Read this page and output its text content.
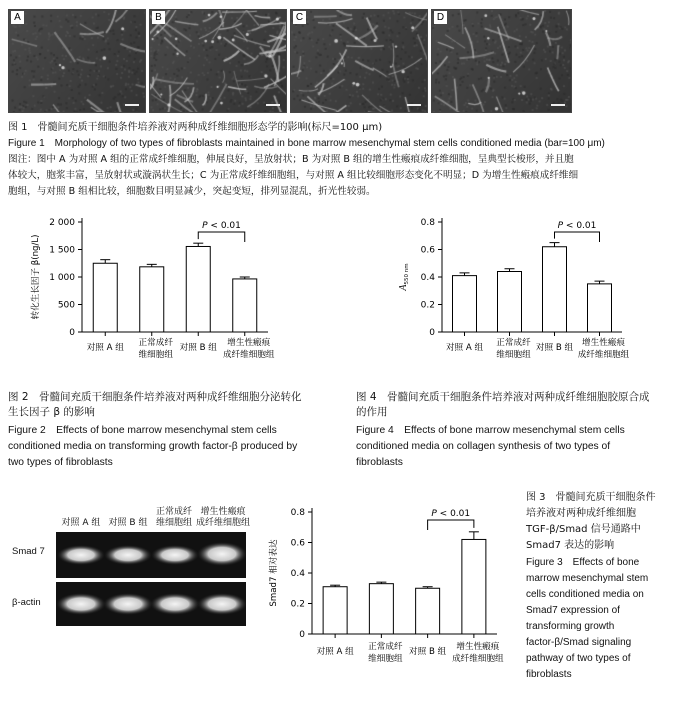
A	B	C	D
图 1　骨髓间充质干细胞条件培养液对两种成纤维细胞形态学的影响(标尺=100 μm)
Figure 1　Morphology of two types of fibroblasts maintained in bone marrow mesenchymal stem cells conditioned media (bar=100 μm)
图注：图中 A 为对照 A 组的正常成纤维细胞，伸展良好，呈放射状；B 为对照 B 组的增生性瘢痕成纤维细胞，呈典型长梭形，并且胞
体较大，胞浆丰富，呈放射状或漩涡状生长；C 为正常成纤维细胞组，与对照 A 组比较细胞形态变化不明显；D 为增生性瘢痕成纤维细
胞组，与对照 B 组相比较，细胞数目明显减少，突起变短，排列显混乱，折光性较弱。
0
500
1 000
1 500
2 000
对照 A 组 正常成纤
维细胞组
对照 B 组 增生性瘢痕
成纤维细胞组
P < 0.01
转化生长因子 β(ng/L)
0
0.2
0.4
0.6
0.8
对照 A 组 正常成纤
维细胞组
对照 B 组 增生性瘢痕
成纤维细胞组
P < 0.01
$A_{550 nm}$
图 2　骨髓间充质干细胞条件培养液对两种成纤维细胞分泌转化
生长因子 β 的影响
Figure 2　Effects of bone marrow mesenchymal stem cells
conditioned media on transforming growth factor-β produced by
two types of fibroblasts
图 4　骨髓间充质干细胞条件培养液对两种成纤维细胞胶原合成
的作用
Figure 4　Effects of bone marrow mesenchymal stem cells
conditioned media on collagen synthesis of two types of
fibroblasts
对照 A 组 对照 B 组
正常成纤
维细胞组
增生性瘢痕
成纤维细胞组
Smad 7
β-actin
0
0.2
0.4
0.6
0.8
对照 A 组 正常成纤
维细胞组
对照 B 组 增生性瘢痕
成纤维细胞组
P < 0.01
Smad7 相对表达
图 3　骨髓间充质干细胞条件
培养液对两种成纤维细胞
TGF-β/Smad 信号通路中
Smad7 表达的影响
Figure 3　Effects of bone
marrow mesenchymal stem
cells conditioned media on
Smad7 expression of
transforming growth
factor-β/Smad signaling
pathway of two types of
fibroblasts
